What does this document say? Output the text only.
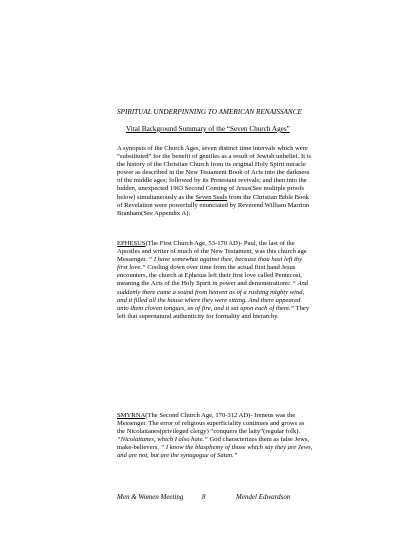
SPIRITUAL UNDERPINNING TO AMERICAN RENAISSANCE
Vital Background Summary of the “Seven Church Ages”
A synopsis of the Church Ages, seven distinct time intervals which were “substituted” for the benefit of gentiles as a result of Jewish unbelief. It is the history of the Christian Church from its original Holy Spirit miracle power as described in the New Testament Book of Acts into the darkness of the middle ages; followed by its Protestant revivals; and then into the hidden, unexpected 1963 Second Coming of Jesus(See multiple proofs below) simultaneously as the Seven Seals from the Christian Bible Book of Revelation were powerfully enunciated by Reverend William Marrion Branham(See Appendix A):
EPHESUS(The First Church Age, 53-170 AD)- Paul, the last of the Apostles and writer of much of the New Testament, was this church age Messenger. “ I have somewhat against thee, because thou hast left thy first love.” Cooling down over time from the actual first hand Jesus encounters, the church at Ephesus left their first love called Pentecost, meaning the Acts of the Holy Spirit in power and demonstrations: “ And suddenly there came a sound from heaven as of a rushing mighty wind, and it filled all the house where they were sitting. And there appeared unto them cloven tongues, as of fire, and it sat upon each of them.” They left that supernatural authenticity for formality and hierarchy.
SMYRNA(The Second Church Age, 170-312 AD)- Ireneus was the Messenger. The error of religious superficiality continues and grows as the Nicolaitanes(privileged clergy) “conquers the laity”(regular folk). “Nicolaitanes, which I also hate.” God characterizes them as false Jews, make-believers. “ I know the blasphemy of those which say they are Jews, and are not, but are the synagogue of Satan.”
Men & Women Meeting	8	Mendel Edwardson
